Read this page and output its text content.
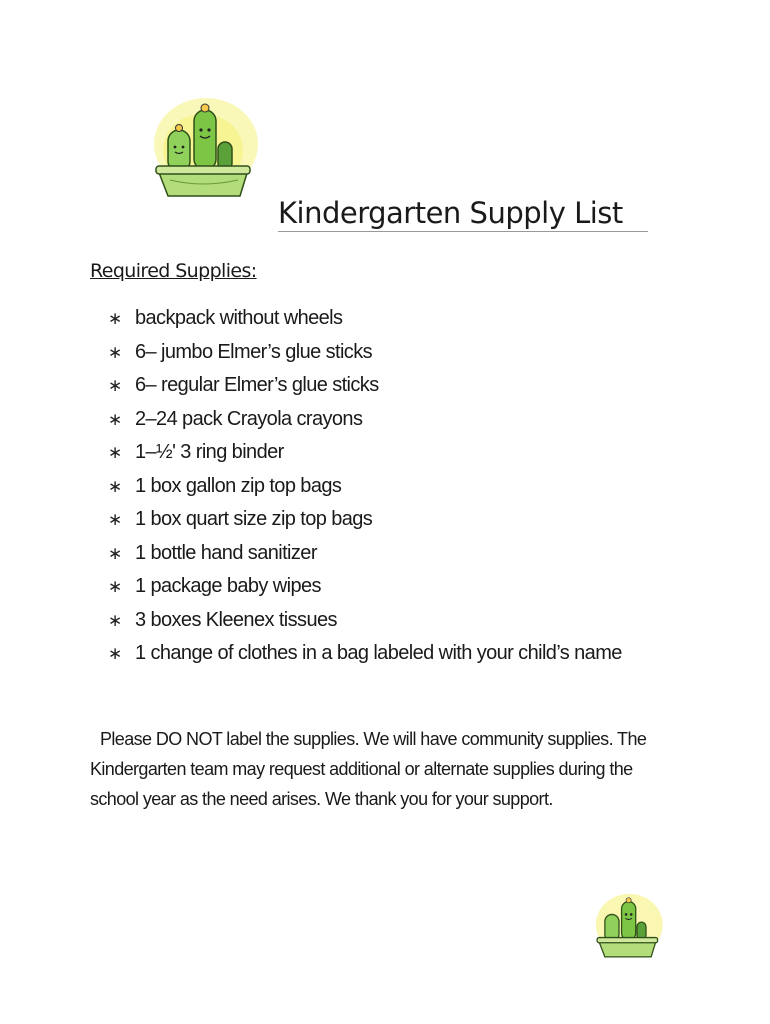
Kindergarten Supply List
Required Supplies:
∗ backpack without wheels
∗ 6– jumbo Elmer’s glue sticks
∗ 6– regular Elmer’s glue sticks
∗ 2–24 pack Crayola crayons
∗ 1–½' 3 ring binder
∗ 1 box gallon zip top bags
∗ 1 box quart size zip top bags
∗ 1 bottle hand sanitizer
∗ 1 package baby wipes
∗ 3 boxes Kleenex tissues
∗ 1 change of clothes in a bag labeled with your child’s name

Please DO NOT label the supplies. We will have community supplies. The Kindergarten team may request additional or alternate supplies during the school year as the need arises. We thank you for your support.
